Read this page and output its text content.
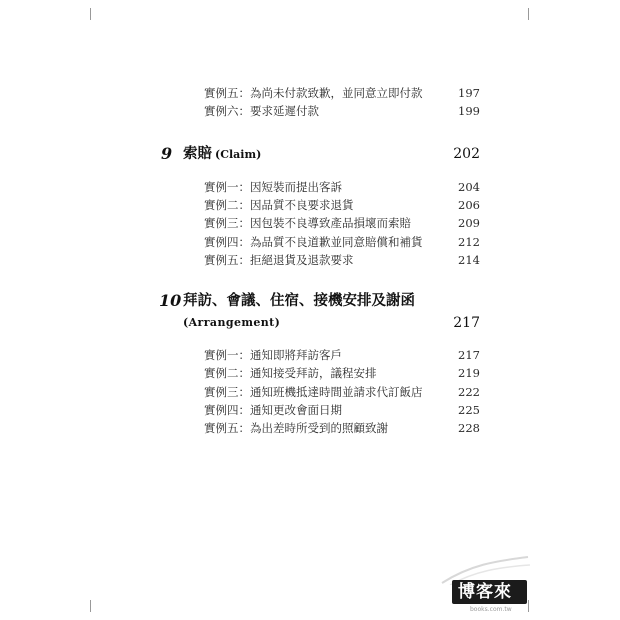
實例五：為尚未付款致歉，並同意立即付款	197
實例六：要求延遲付款	199
9 索賠 (Claim)	202
實例一：因短裝而提出客訴	204
實例二：因品質不良要求退貨	206
實例三：因包裝不良導致產品損壞而索賠	209
實例四：為品質不良道歉並同意賠償和補貨	212
實例五：拒絕退貨及退款要求	214
10 拜訪、會議、住宿、接機安排及謝函
(Arrangement)	217
實例一：通知即將拜訪客戶	217
實例二：通知接受拜訪，議程安排	219
實例三：通知班機抵達時間並請求代訂飯店	222
實例四：通知更改會面日期	225
實例五：為出差時所受到的照顧致謝	228
博客來
books.com.tw
